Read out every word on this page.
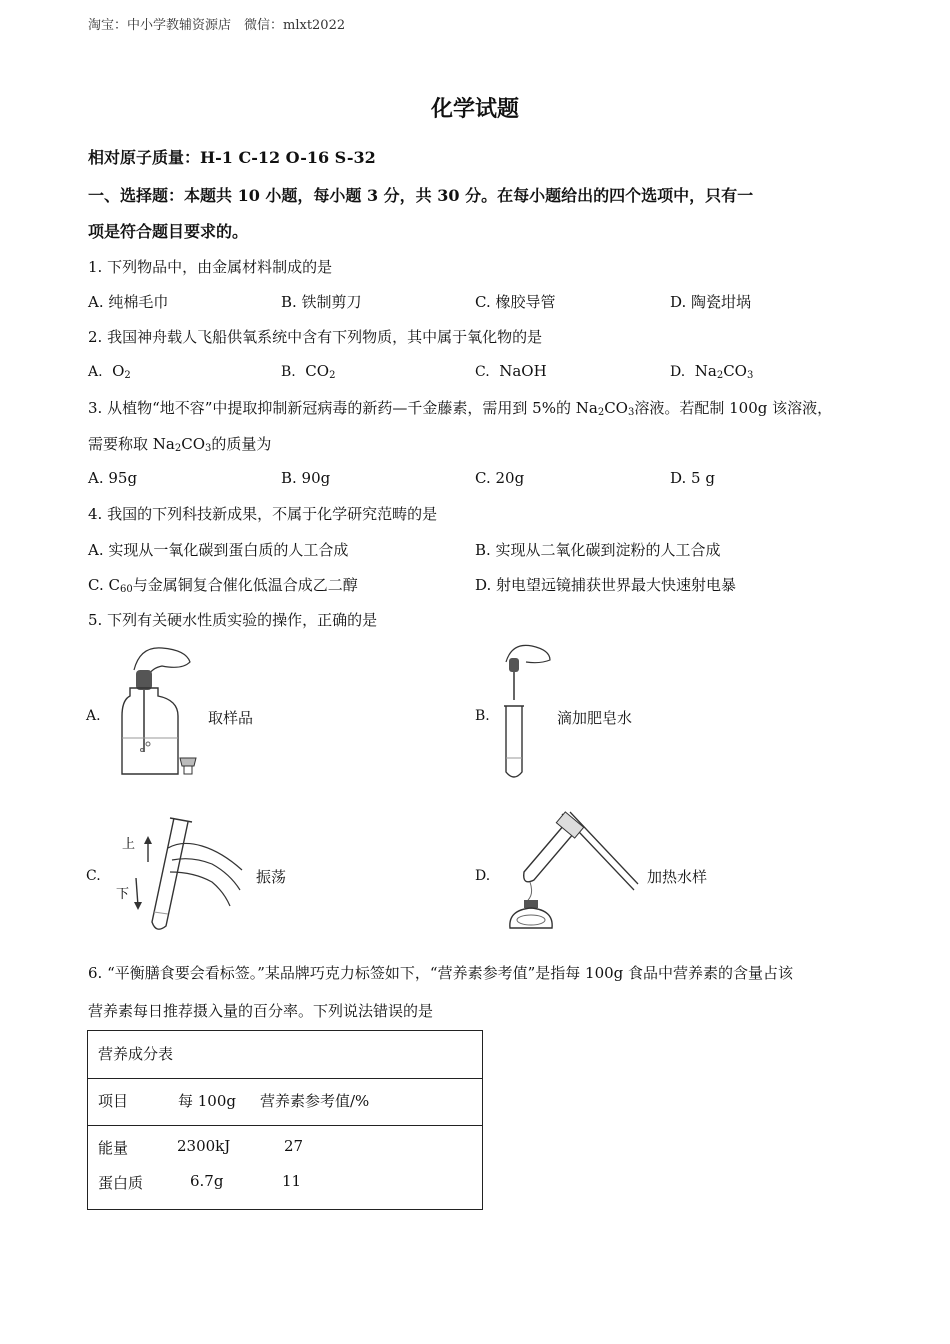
淘宝：中小学教辅资源店　微信：mlxt2022
化学试题
相对原子质量：H-1 C-12 O-16 S-32
一、选择题：本题共 10 小题，每小题 3 分，共 30 分。在每小题给出的四个选项中，只有一
项是符合题目要求的。
1. 下列物品中，由金属材料制成的是
A. 纯棉毛巾	B. 铁制剪刀	C. 橡胶导管	D. 陶瓷坩埚
2. 我国神舟载人飞船供氧系统中含有下列物质，其中属于氧化物的是
A. $O_2$	B. $CO_2$	C. NaOH	D. $Na_2CO_3$
3. 从植物“地不容”中提取抑制新冠病毒的新药—千金藤素，需用到 5%的 $Na_2CO_3$溶液。若配制 100g 该溶液，
需要称取 $Na_2CO_3$的质量为
A. 95g	B. 90g	C. 20g	D. 5 g
4. 我国的下列科技新成果，不属于化学研究范畴的是
A. 实现从一氧化碳到蛋白质的人工合成	B. 实现从二氧化碳到淀粉的人工合成
C. $C_{60}$与金属铜复合催化低温合成乙二醇	D. 射电望远镜捕获世界最大快速射电暴
5. 下列有关硬水性质实验的操作，正确的是
A.	取样品	B.	滴加肥皂水
C.
上
下
振荡	D.	加热水样
6. “平衡膳食要会看标签。”某品牌巧克力标签如下，“营养素参考值”是指每 100g 食品中营养素的含量占该
营养素每日推荐摄入量的百分率。下列说法错误的是
营养成分表
项目	每 100g 营养素参考值/%
能量	2300kJ	27
蛋白质	6.7g	11
